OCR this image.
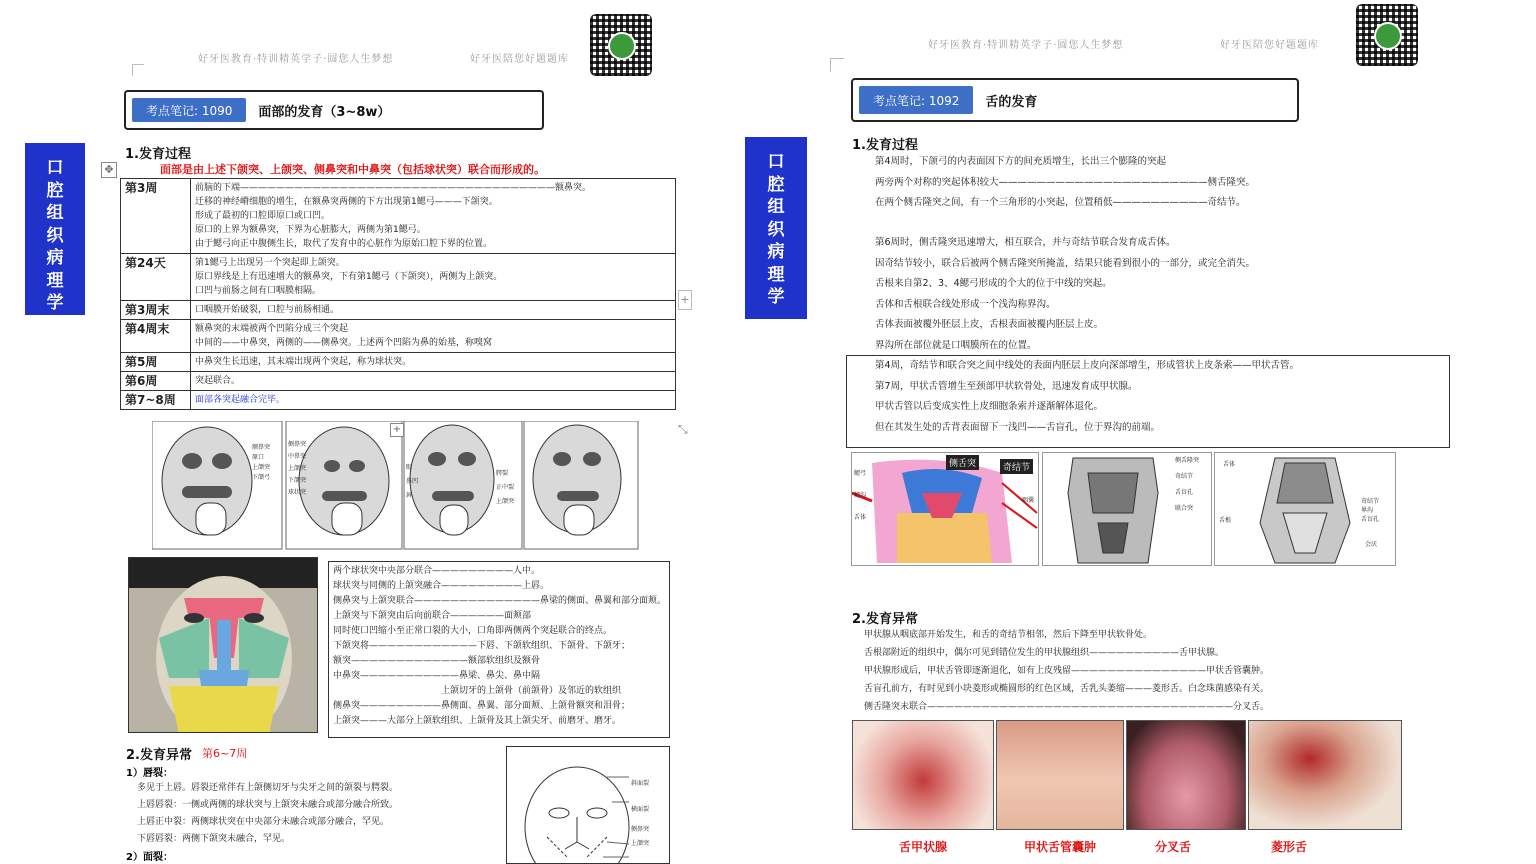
好牙医教育·特训精英学子·圆您人生梦想	好牙医陪您好题题库
考点笔记: 1090	面部的发育（3~8w）
口
腔
组
织
病
理
学
✥
+
⤡
1.发育过程
面部是由上述下颌突、上颌突、侧鼻突和中鼻突（包括球状突）联合而形成的。
第3周	前脑的下端———————————————————————————————————额鼻突。
迁移的神经嵴细胞的增生，在额鼻突两侧的下方出现第1鳃弓———下颌突。
形成了最初的口腔即原口或口凹。
原口的上界为额鼻突，下界为心脏膨大，两侧为第1鳃弓。
由于鳃弓向正中腹侧生长，取代了发育中的心脏作为原始口腔下界的位置。

第24天	第1鳃弓上出现另一个突起即上颌突。
原口界线是上有迅速增大的额鼻突，下有第1鳃弓（下颌突），两侧为上颌突。
口凹与前肠之间有口咽膜相隔。

第3周末	口咽膜开始破裂，口腔与前肠相通。

第4周末	额鼻突的末端被两个凹陷分成三个突起
中间的——中鼻突，两侧的——侧鼻突。上述两个凹陷为鼻的始基，称嗅窝

第5周	中鼻突生长迅速，其末端出现两个突起，称为球状突。

第6周	突起联合。

第7~8周	面部各突起融合完毕。
额鼻突
原口
上颌突
下颌弓
侧鼻突
中鼻突
上颌突
下颌突
球状突
眼
鼻凹
唇
腭裂
正中裂
上颌突
+
两个球状突中央部分联合—————————人中。
球状突与同侧的上颌突融合—————————上唇。
侧鼻突与上颌突联合——————————————鼻梁的侧面、鼻翼和部分面颊。
上颌突与下颌突由后向前联合——————面颊部
同时使口凹缩小至正常口裂的大小，口角即两侧两个突起联合的终点。
下颌突将————————————下唇、下颌软组织、下颌骨、下颌牙；
额突—————————————额部软组织及额骨
中鼻突———————————鼻梁、鼻尖、鼻中隔
上颌切牙的上颌骨（前颌骨）及邻近的软组织
侧鼻突—————————鼻侧面、鼻翼、部分面颊、上颌骨额突和泪骨；
上颌突———大部分上颌软组织、上颌骨及其上颌尖牙、前磨牙、磨牙。
2.发育异常 第6~7周
1）唇裂：
多见于上唇。唇裂还常伴有上颌侧切牙与尖牙之间的颌裂与腭裂。
上唇唇裂：一侧或两侧的球状突与上颌突未融合或部分融合所致。
上唇正中裂：两侧球状突在中央部分未融合或部分融合，罕见。
下唇唇裂：两侧下颌突未融合，罕见。
2）面裂：
斜面裂
横面裂
侧鼻突
上颌突
好牙医教育·特训精英学子·圆您人生梦想	好牙医陪您好题题库
考点笔记: 1092	舌的发育
口
腔
组
织
病
理
学
1.发育过程
第4周时，下颌弓的内表面因下方的间充质增生，长出三个膨隆的突起
两旁两个对称的突起体积较大——————————————————————侧舌隆突。
在两个侧舌隆突之间，有一个三角形的小突起，位置稍低——————————奇结节。
第6周时，侧舌隆突迅速增大，相互联合，并与奇结节联合发育成舌体。
因奇结节较小，联合后被两个侧舌隆突所掩盖，结果只能看到很小的一部分，或完全消失。
舌根来自第2、3、4鳃弓形成的个大的位于中线的突起。
舌体和舌根联合线处形成一个浅沟称界沟。
舌体表面被覆外胚层上皮，舌根表面被覆内胚层上皮。
界沟所在部位就是口咽膜所在的位置。
第4周，奇结节和联合突之间中线处的表面内胚层上皮向深部增生，形成管状上皮条索——甲状舌管。
第7周，甲状舌管增生至颈部甲状软骨处，迅速发育成甲状腺。
甲状舌管以后变成实性上皮细胞条索并逐渐解体退化。
但在其发生处的舌背表面留下一浅凹——舌盲孔，位于界沟的前端。
侧舌突	奇结节
鳃弓
鳃沟
舌体
咽囊
侧舌隆突
奇结节
舌盲孔
联合突
舌体
舌根
奇结节
界沟
舌盲孔
会厌
2.发育异常
甲状腺从咽底部开始发生，和舌的奇结节相邻，然后下降至甲状软骨处。
舌根部附近的组织中，偶尔可见到错位发生的甲状腺组织——————————舌甲状腺。
甲状腺形成后，甲状舌管即逐渐退化，如有上皮残留———————————————甲状舌管囊肿。
舌盲孔前方，有时见到小块菱形或椭圆形的红色区域，舌乳头萎缩———菱形舌。白念珠菌感染有关。
侧舌隆突未联合——————————————————————————————————分叉舌。
舌甲状腺	甲状舌管囊肿	分叉舌	菱形舌
